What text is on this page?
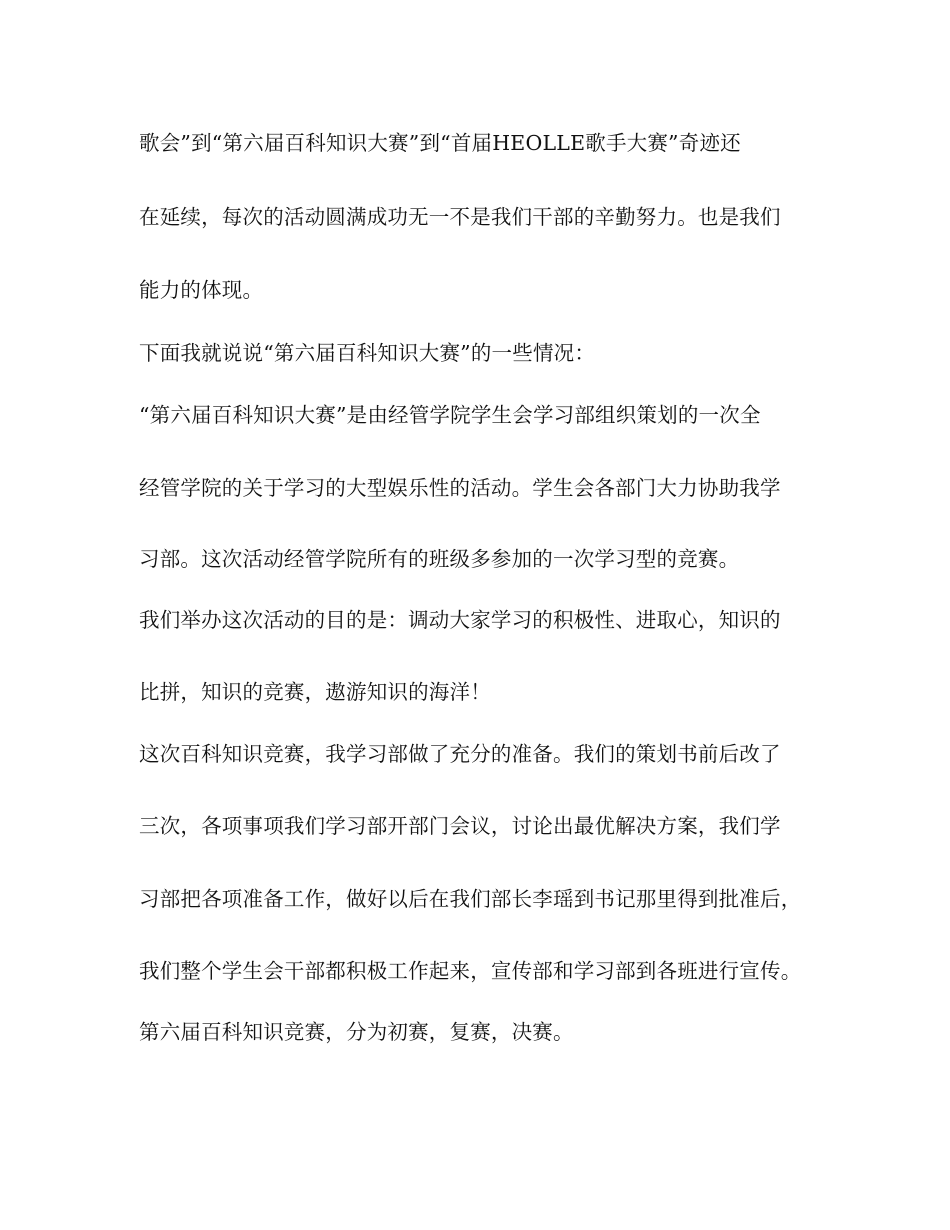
歌会”到“第六届百科知识大赛”到“首届HEOLLE歌手大赛”奇迹还
在延续，每次的活动圆满成功无一不是我们干部的辛勤努力。也是我们
能力的体现。
下面我就说说“第六届百科知识大赛”的一些情况：
“第六届百科知识大赛”是由经管学院学生会学习部组织策划的一次全
经管学院的关于学习的大型娱乐性的活动。学生会各部门大力协助我学
习部。这次活动经管学院所有的班级多参加的一次学习型的竞赛。
我们举办这次活动的目的是：调动大家学习的积极性、进取心，知识的
比拼，知识的竞赛，遨游知识的海洋！
这次百科知识竞赛，我学习部做了充分的准备。我们的策划书前后改了
三次，各项事项我们学习部开部门会议，讨论出最优解决方案，我们学
习部把各项准备工作，做好以后在我们部长李瑶到书记那里得到批准后，
我们整个学生会干部都积极工作起来，宣传部和学习部到各班进行宣传。
第六届百科知识竞赛，分为初赛，复赛，决赛。
